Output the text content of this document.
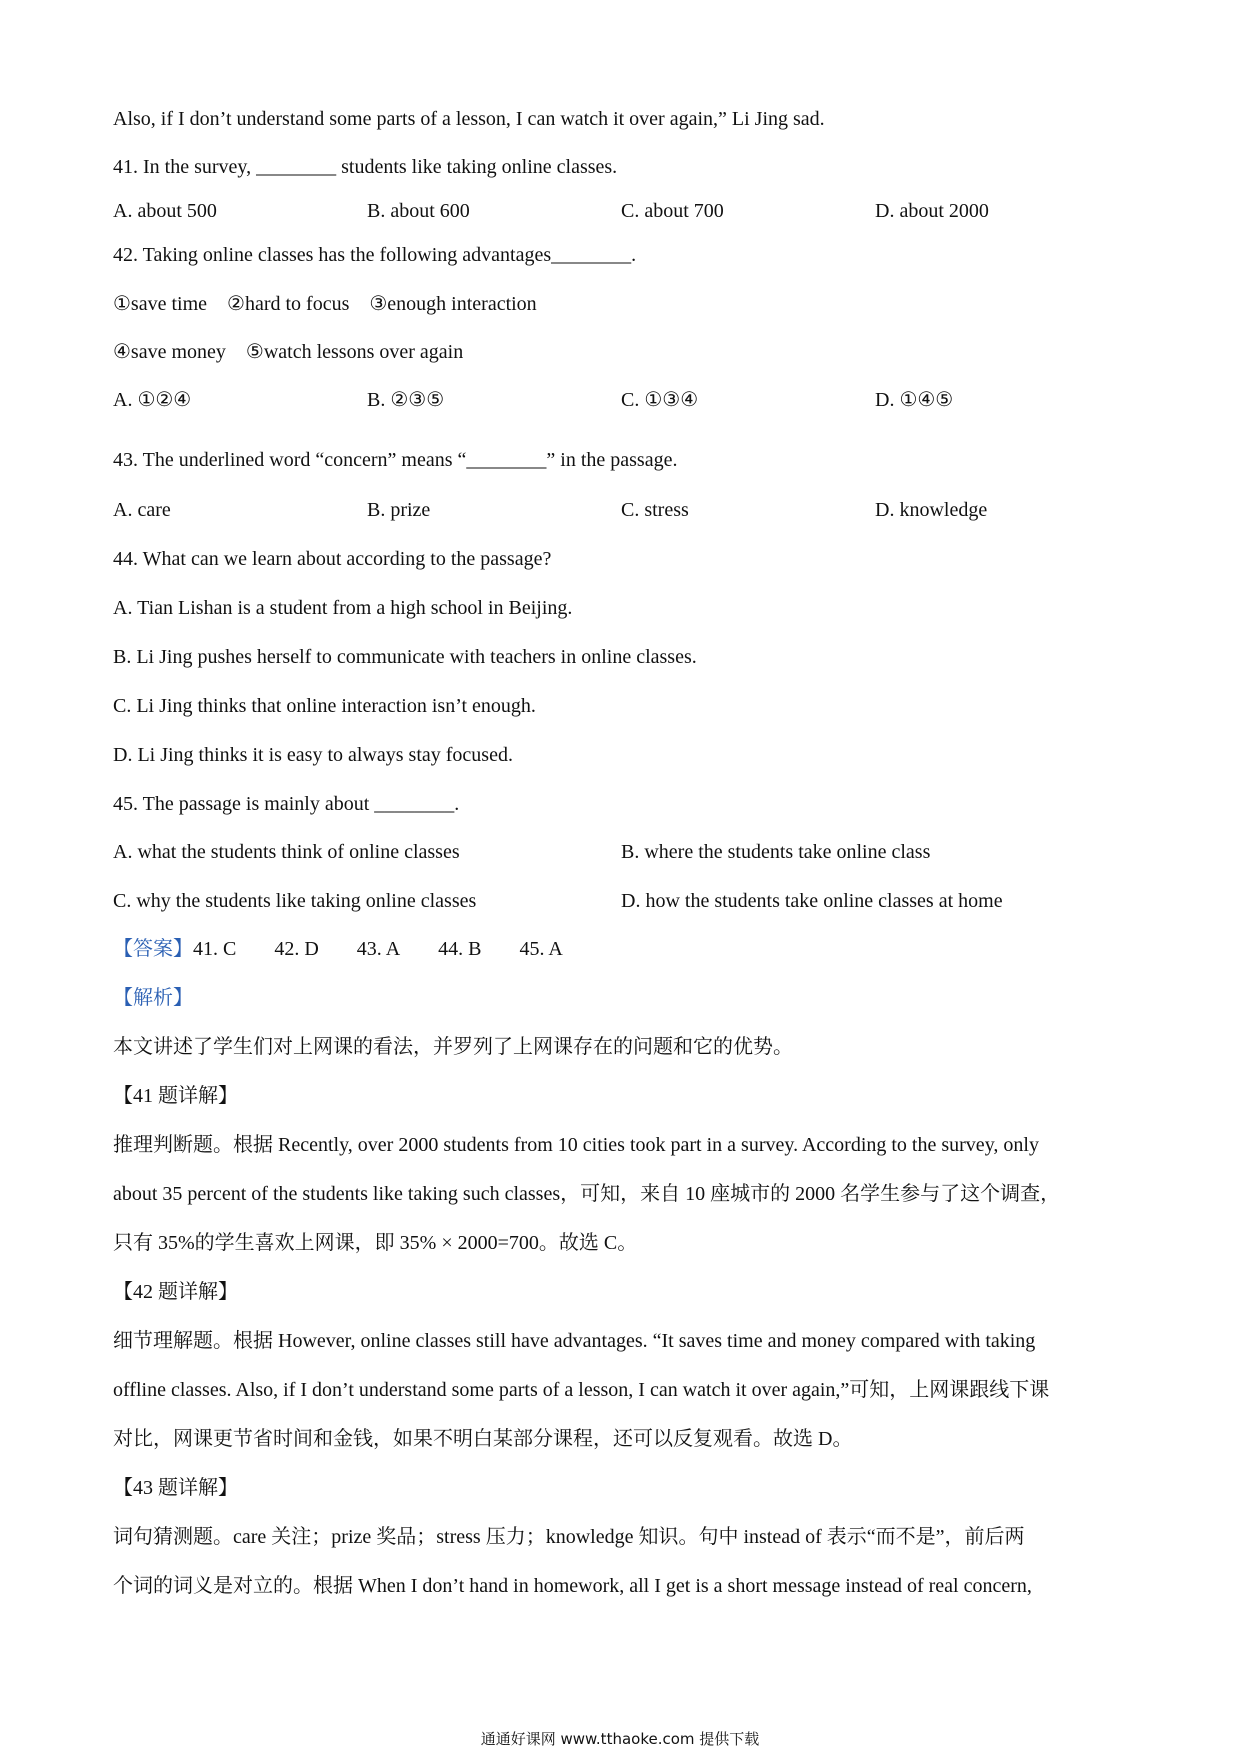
Also, if I don’t understand some parts of a lesson, I can watch it over again,” Li Jing sad.
41. In the survey, ________ students like taking online classes.
A. about 500	B. about 600	C. about 700	D. about 2000
42. Taking online classes has the following advantages________.
①save time　②hard to focus　③enough interaction
④save money　⑤watch lessons over again
A. ①②④	B. ②③⑤	C. ①③④	D. ①④⑤
43. The underlined word “concern” means “________” in the passage.
A. care	B. prize	C. stress	D. knowledge
44. What can we learn about according to the passage?
A. Tian Lishan is a student from a high school in Beijing.
B. Li Jing pushes herself to communicate with teachers in online classes.
C. Li Jing thinks that online interaction isn’t enough.
D. Li Jing thinks it is easy to always stay focused.
45. The passage is mainly about ________.
A. what the students think of online classes	B. where the students take online class
C. why the students like taking online classes	D. how the students take online classes at home
【答案】41. C 42. D 43. A 44. B 45. A
【解析】
本文讲述了学生们对上网课的看法，并罗列了上网课存在的问题和它的优势。
【41 题详解】
推理判断题。根据 Recently, over 2000 students from 10 cities took part in a survey. According to the survey, only
about 35 percent of the students like taking such classes，可知，来自 10 座城市的 2000 名学生参与了这个调查，
只有 35%的学生喜欢上网课，即 35% × 2000=700。故选 C。
【42 题详解】
细节理解题。根据 However, online classes still have advantages. “It saves time and money compared with taking
offline classes. Also, if I don’t understand some parts of a lesson, I can watch it over again,”可知，上网课跟线下课
对比，网课更节省时间和金钱，如果不明白某部分课程，还可以反复观看。故选 D。
【43 题详解】
词句猜测题。care 关注；prize 奖品；stress 压力；knowledge 知识。句中 instead of 表示“而不是”，前后两
个词的词义是对立的。根据 When I don’t hand in homework, all I get is a short message instead of real concern,
通通好课网 www.tthaoke.com 提供下载
